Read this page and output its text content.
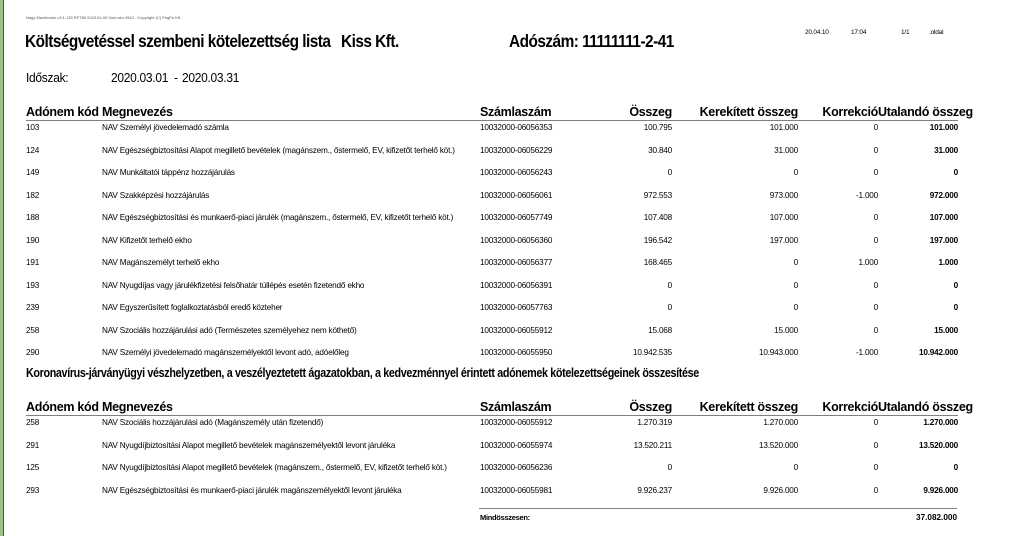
Nagy Machinator v3.1.139 RFT89 2020.04.09 Sum:sim 4942 - Copyright (C) PegFe Kft.
20.04.10	17:04	1/1	.oldal
Költségvetéssel szembeni kötelezettség lista Kiss Kft.	Adószám: 11111111-2-41
Időszak:	2020.03.01 - 2020.03.31
Adónem kód	Megnevezés	Számlaszám	Összeg	Kerekített összeg	Korrekció	Utalandó összeg
103	NAV Személyi jövedelemadó számla	10032000-06056353	100.795	101.000	0	101.000
124	NAV Egészségbiztosítási Alapot megillető bevételek (magánszem., őstermelő, EV, kifizetőt terhelő köt.)	10032000-06056229	30.840	31.000	0	31.000
149	NAV Munkáltatói táppénz hozzájárulás	10032000-06056243	0	0	0	0
182	NAV Szakképzési hozzájárulás	10032000-06056061	972.553	973.000	-1.000	972.000
188	NAV Egészségbiztosítási és munkaerő-piaci járulék (magánszem., őstermelő, EV, kifizetőt terhelő köt.)	10032000-06057749	107.408	107.000	0	107.000
190	NAV Kifizetőt terhelő ekho	10032000-06056360	196.542	197.000	0	197.000
191	NAV Magánszemélyt terhelő ekho	10032000-06056377	168.465	0	1.000	1.000
193	NAV Nyugdíjas vagy járulékfizetési felsőhatár túllépés esetén fizetendő ekho	10032000-06056391	0	0	0	0
239	NAV Egyszerűsített foglalkoztatásból eredő közteher	10032000-06057763	0	0	0	0
258	NAV Szociális hozzájárulási adó (Természetes személyehez nem köthető)	10032000-06055912	15.068	15.000	0	15.000
290	NAV Személyi jövedelemadó magánszemélyektől levont adó, adóelőleg	10032000-06055950	10.942.535	10.943.000	-1.000	10.942.000
Koronavírus-járványügyi vészhelyzetben, a veszélyeztetett ágazatokban, a kedvezménnyel érintett adónemek kötelezettségeinek összesítése
Adónem kód	Megnevezés	Számlaszám	Összeg	Kerekített összeg	Korrekció	Utalandó összeg
258	NAV Szociális hozzájárulási adó (Magánszemély után fizetendő)	10032000-06055912	1.270.319	1.270.000	0	1.270.000
291	NAV Nyugdíjbiztosítási Alapot megillető bevételek magánszemélyektől levont járuléka	10032000-06055974	13.520.211	13.520.000	0	13.520.000
125	NAV Nyugdíjbiztosítási Alapot megillető bevételek (magánszem., őstermelő, EV, kifizetőt terhelő köt.)	10032000-06056236	0	0	0	0
293	NAV Egészségbiztosítási és munkaerő-piaci járulék magánszemélyektől levont járuléka	10032000-06055981	9.926.237	9.926.000	0	9.926.000
Mindösszesen:	37.082.000
